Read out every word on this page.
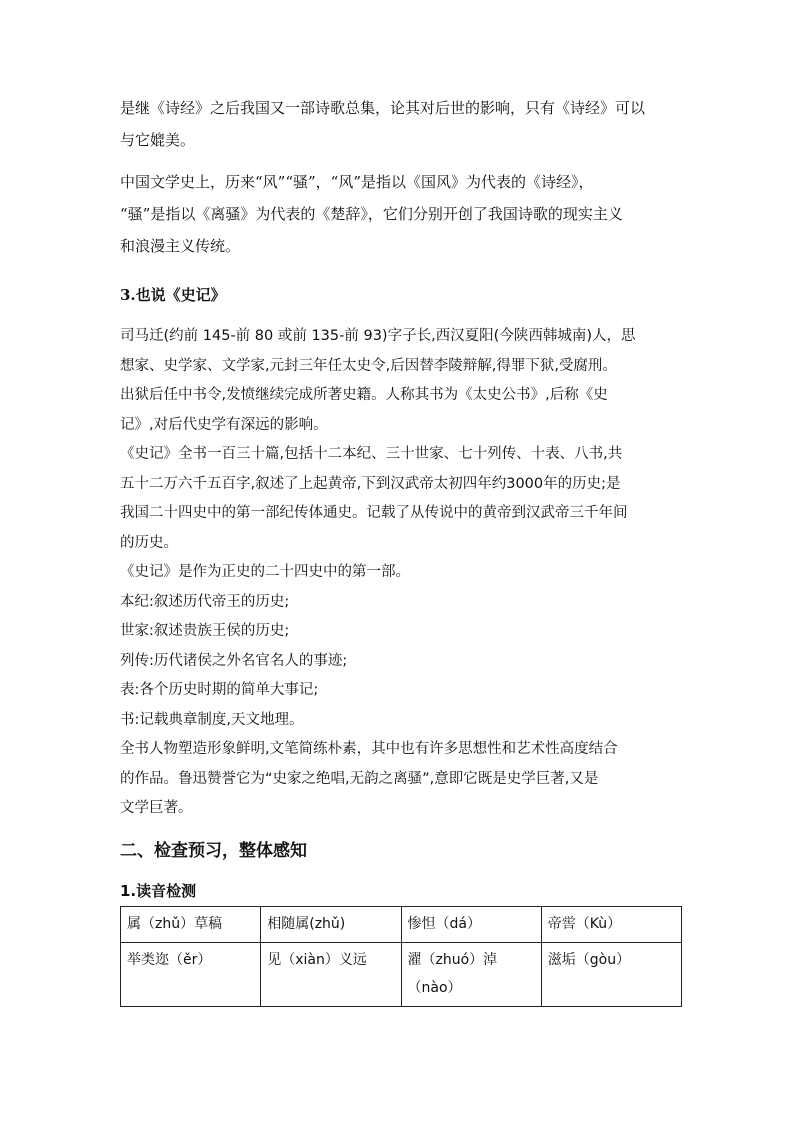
是继《诗经》之后我国又一部诗歌总集，论其对后世的影响，只有《诗经》可以
与它媲美。

中国文学史上，历来“风”“骚”，“风”是指以《国风》为代表的《诗经》，
“骚”是指以《离骚》为代表的《楚辞》，它们分别开创了我国诗歌的现实主义
和浪漫主义传统。

3.也说《史记》

司马迁(约前 145-前 80 或前 135-前 93)字子长,西汉夏阳(今陕西韩城南)人，思

想家、史学家、文学家,元封三年任太史令,后因替李陵辩解,得罪下狱,受腐刑。

出狱后任中书令,发愤继续完成所著史籍。人称其书为《太史公书》,后称《史

记》,对后代史学有深远的影响。

《史记》全书一百三十篇,包括十二本纪、三十世家、七十列传、十表、八书,共

五十二万六千五百字,叙述了上起黄帝,下到汉武帝太初四年约3000年的历史;是

我国二十四史中的第一部纪传体通史。记载了从传说中的黄帝到汉武帝三千年间

的历史。

《史记》是作为正史的二十四史中的第一部。

本纪:叙述历代帝王的历史;

世家:叙述贵族王侯的历史;

列传:历代诸侯之外名官名人的事迹;

表:各个历史时期的简单大事记;

书:记载典章制度,天文地理。

全书人物塑造形象鲜明,文笔简练朴素，其中也有许多思想性和艺术性高度结合

的作品。鲁迅赞誉它为“史家之绝唱,无韵之离骚”,意即它既是史学巨著,又是

文学巨著。

二、检查预习，整体感知

1.读音检测

属（zhǔ）草稿	相随属(zhǔ)	惨怛（dá）	帝喾（Kù）
举类迩（ěr）	见（xiàn）义远	濯（zhuó）淖（nào）	滋垢（gòu）
